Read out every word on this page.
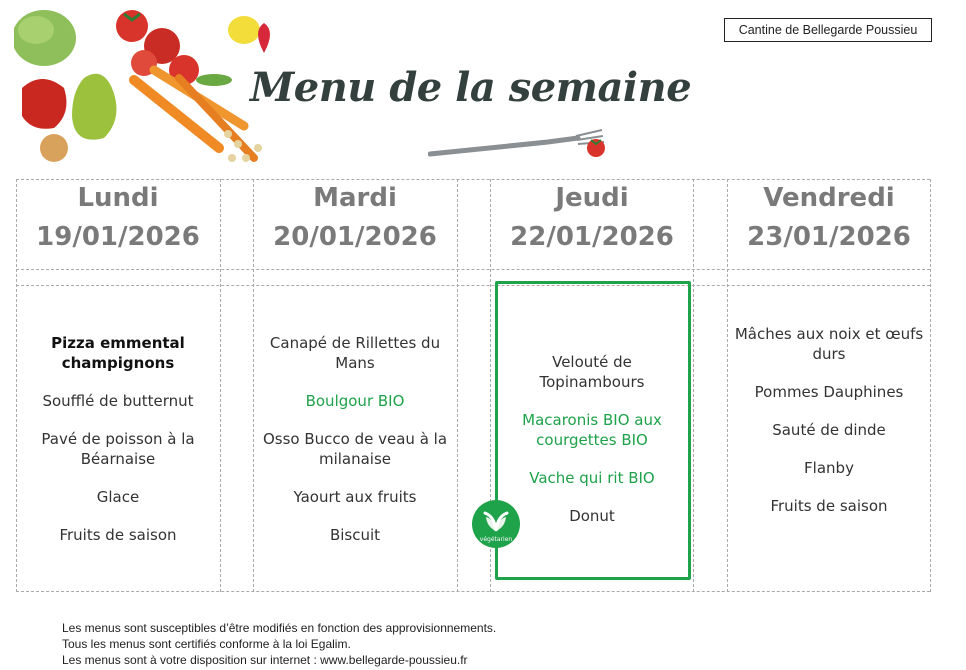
Menu de la semaine
Cantine de Bellegarde Poussieu
Lundi
19/01/2026
Mardi
20/01/2026
Jeudi
22/01/2026
Vendredi
23/01/2026
Pizza emmental champignons
Soufflé de butternut
Pavé de poisson à la Béarnaise
Glace
Fruits de saison
Canapé de Rillettes du Mans
Boulgour BIO
Osso Bucco de veau à la milanaise
Yaourt aux fruits
Biscuit
Velouté de Topinambours
Macaronis BIO aux courgettes BIO
Vache qui rit BIO
Donut
végétarien
Mâches aux noix et œufs durs
Pommes Dauphines
Sauté de dinde
Flanby
Fruits de saison
Les menus sont susceptibles d’être modifiés en fonction des approvisionnements.
Tous les menus sont certifiés conforme à la loi Egalim.
Les menus sont à votre disposition sur internet : www.bellegarde-poussieu.fr
